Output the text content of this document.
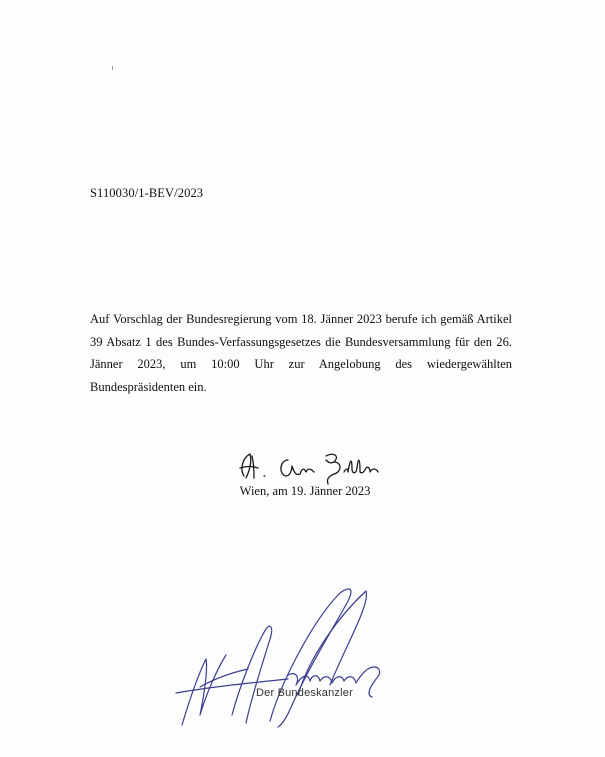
S110030/1-BEV/2023
Auf Vorschlag der Bundesregierung vom 18. Jänner 2023 berufe ich gemäß Artikel 39 Absatz 1 des Bundes-Verfassungsgesetzes die Bundesversammlung für den 26. Jänner 2023, um 10:00 Uhr zur Angelobung des wiedergewählten Bundespräsidenten ein.
Wien, am 19. Jänner 2023
Der Bundeskanzler
